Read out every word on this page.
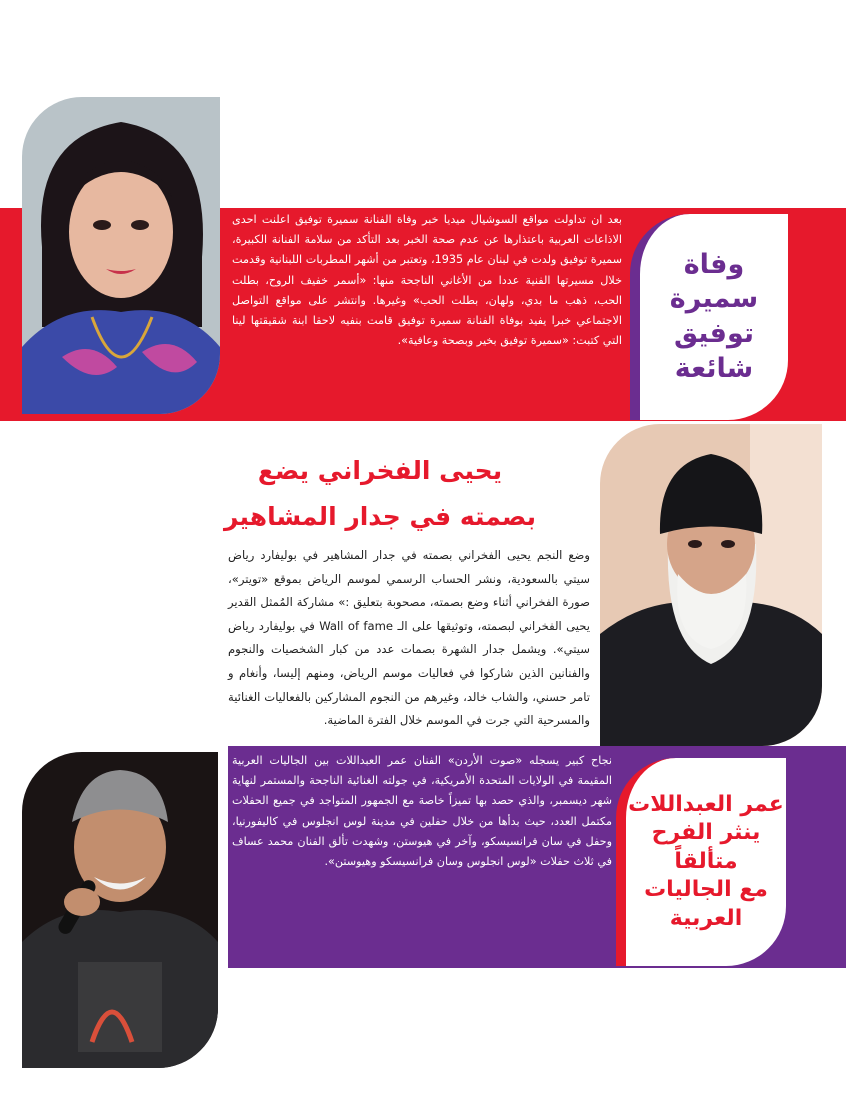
بعد ان تداولت مواقع السوشيال ميديا خبر وفاة الفنانة سميرة توفيق اعلنت احدى الاذاعات العربية باعتذارها عن عدم صحة الخبر بعد التأكد من سلامة الفنانة الكبيرة، سميرة توفيق ولدت في لبنان عام 1935، وتعتبر من أشهر المطربات اللبنانية وقدمت خلال مسيرتها الفنية عددا من الأغاني الناجحة منها: «أسمر خفيف الروح، بطلت الحب، ذهب ما بدي، ولهان، بطلت الحب» وغيرها. وانتشر على مواقع التواصل الاجتماعي خبرا يفيد بوفاة الفنانة سميرة توفيق قامت بنفيه لاحقا ابنة شقيقتها لينا التي كتبت: «سميرة توفيق بخير وبصحة وعافية».
وفاة
سميرة
توفيق
شائعة
يحيى الفخراني يضع
بصمته في جدار المشاهير
وضع النجم يحيى الفخراني بصمته في جدار المشاهير في بوليفارد رياض سيتي بالسعودية، ونشر الحساب الرسمي لموسم الرياض بموقع «تويتر»، صورة الفخراني أثناء وضع بصمته، مصحوبة بتعليق :» مشاركة المُمثل القدير يحيى الفخراني لبصمته، وتوثيقها على الـ Wall of fame في بوليفارد رياض سيتي». ويشمل جدار الشهرة بصمات عدد من كبار الشخصيات والنجوم والفنانين الذين شاركوا في فعاليات موسم الرياض، ومنهم إليسا، وأنغام و تامر حسني، والشاب خالد، وغيرهم من النجوم المشاركين بالفعاليات الغنائية والمسرحية التي جرت في الموسم خلال الفترة الماضية.
نجاح كبير يسجله «صوت الأردن» الفنان عمر العبداللات بين الجاليات العربية المقيمة في الولايات المتحدة الأمريكية، في جولته الغنائية الناجحة والمستمر لنهاية شهر ديسمبر، والذي حصد بها تميزاً خاصة مع الجمهور المتواجد في جميع الحفلات مكتمل العدد، حيث بدأها من خلال حفلين في مدينة لوس انجلوس في كاليفورنيا، وحفل في سان فرانسيسكو، وآخر في هيوستن، وشهدت تألق الفنان محمد عساف في ثلاث حفلات «لوس انجلوس وسان فرانسيسكو وهيوستن».
عمر العبداللات
ينثر الفرح متألقاً
مع الجاليات
العربية
